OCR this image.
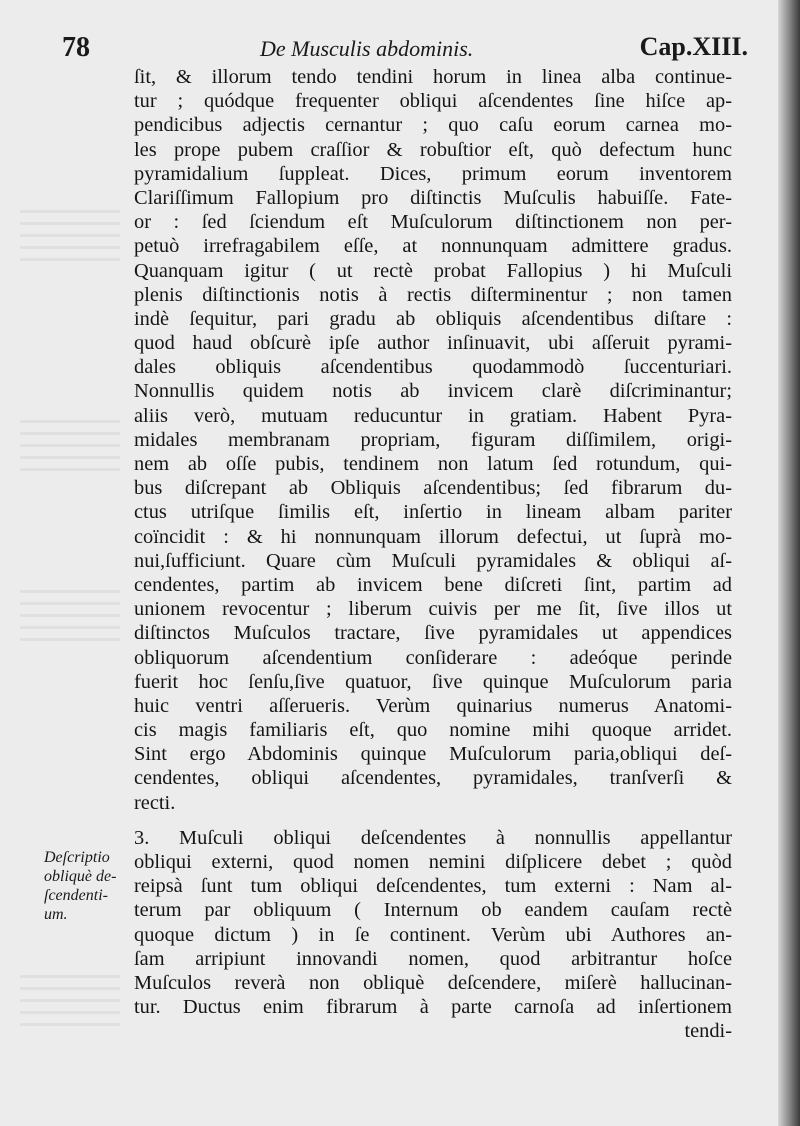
78	De Musculis abdominis.	Cap.XIII.
ſit, & illorum tendo tendini horum in linea alba continue-
tur ; quódque frequenter obliqui aſcendentes ſine hiſce ap-
pendicibus adjectis cernantur ; quo caſu eorum carnea mo-
les prope pubem craſſior & robuſtior eſt, quò defectum hunc
pyramidalium ſuppleat. Dices, primum eorum inventorem
Clariſſimum Fallopium pro diſtinctis Muſculis habuiſſe. Fate-
or : ſed ſciendum eſt Muſculorum diſtinctionem non per-
petuò irrefragabilem eſſe, at nonnunquam admittere gradus.
Quanquam igitur ( ut rectè probat Fallopius ) hi Muſculi
plenis diſtinctionis notis à rectis diſterminentur ; non tamen
indè ſequitur, pari gradu ab obliquis aſcendentibus diſtare :
quod haud obſcurè ipſe author inſinuavit, ubi aſſeruit pyrami-
dales obliquis aſcendentibus quodammodò ſuccenturiari.
Nonnullis quidem notis ab invicem clarè diſcriminantur;
aliis verò, mutuam reducuntur in gratiam. Habent Pyra-
midales membranam propriam, figuram diſſimilem, origi-
nem ab oſſe pubis, tendinem non latum ſed rotundum, qui-
bus diſcrepant ab Obliquis aſcendentibus; ſed fibrarum du-
ctus utriſque ſimilis eſt, inſertio in lineam albam pariter
coïncidit : & hi nonnunquam illorum defectui, ut ſuprà mo-
nui,ſufficiunt. Quare cùm Muſculi pyramidales & obliqui aſ-
cendentes, partim ab invicem bene diſcreti ſint, partim ad
unionem revocentur ; liberum cuivis per me ſit, ſive illos ut
diſtinctos Muſculos tractare, ſive pyramidales ut appendices
obliquorum aſcendentium conſiderare : adeóque perinde
fuerit hoc ſenſu,ſive quatuor, ſive quinque Muſculorum paria
huic ventri aſſerueris. Verùm quinarius numerus Anatomi-
cis magis familiaris eſt, quo nomine mihi quoque arridet.
Sint ergo Abdominis quinque Muſculorum paria,obliqui deſ-
cendentes, obliqui aſcendentes, pyramidales, tranſverſi &
recti.
3. Muſculi obliqui deſcendentes à nonnullis appellantur
obliqui externi, quod nomen nemini diſplicere debet ; quòd
reipsà ſunt tum obliqui deſcendentes, tum externi : Nam al-
terum par obliquum ( Internum ob eandem cauſam rectè
quoque dictum ) in ſe continent. Verùm ubi Authores an-
ſam arripiunt innovandi nomen, quod arbitrantur hoſce
Muſculos reverà non obliquè deſcendere, miſerè hallucinan-
tur. Ductus enim fibrarum à parte carnoſa ad inſertionem
tendi-
Deſcriptio
obliquè de-
ſcendenti-
um.
